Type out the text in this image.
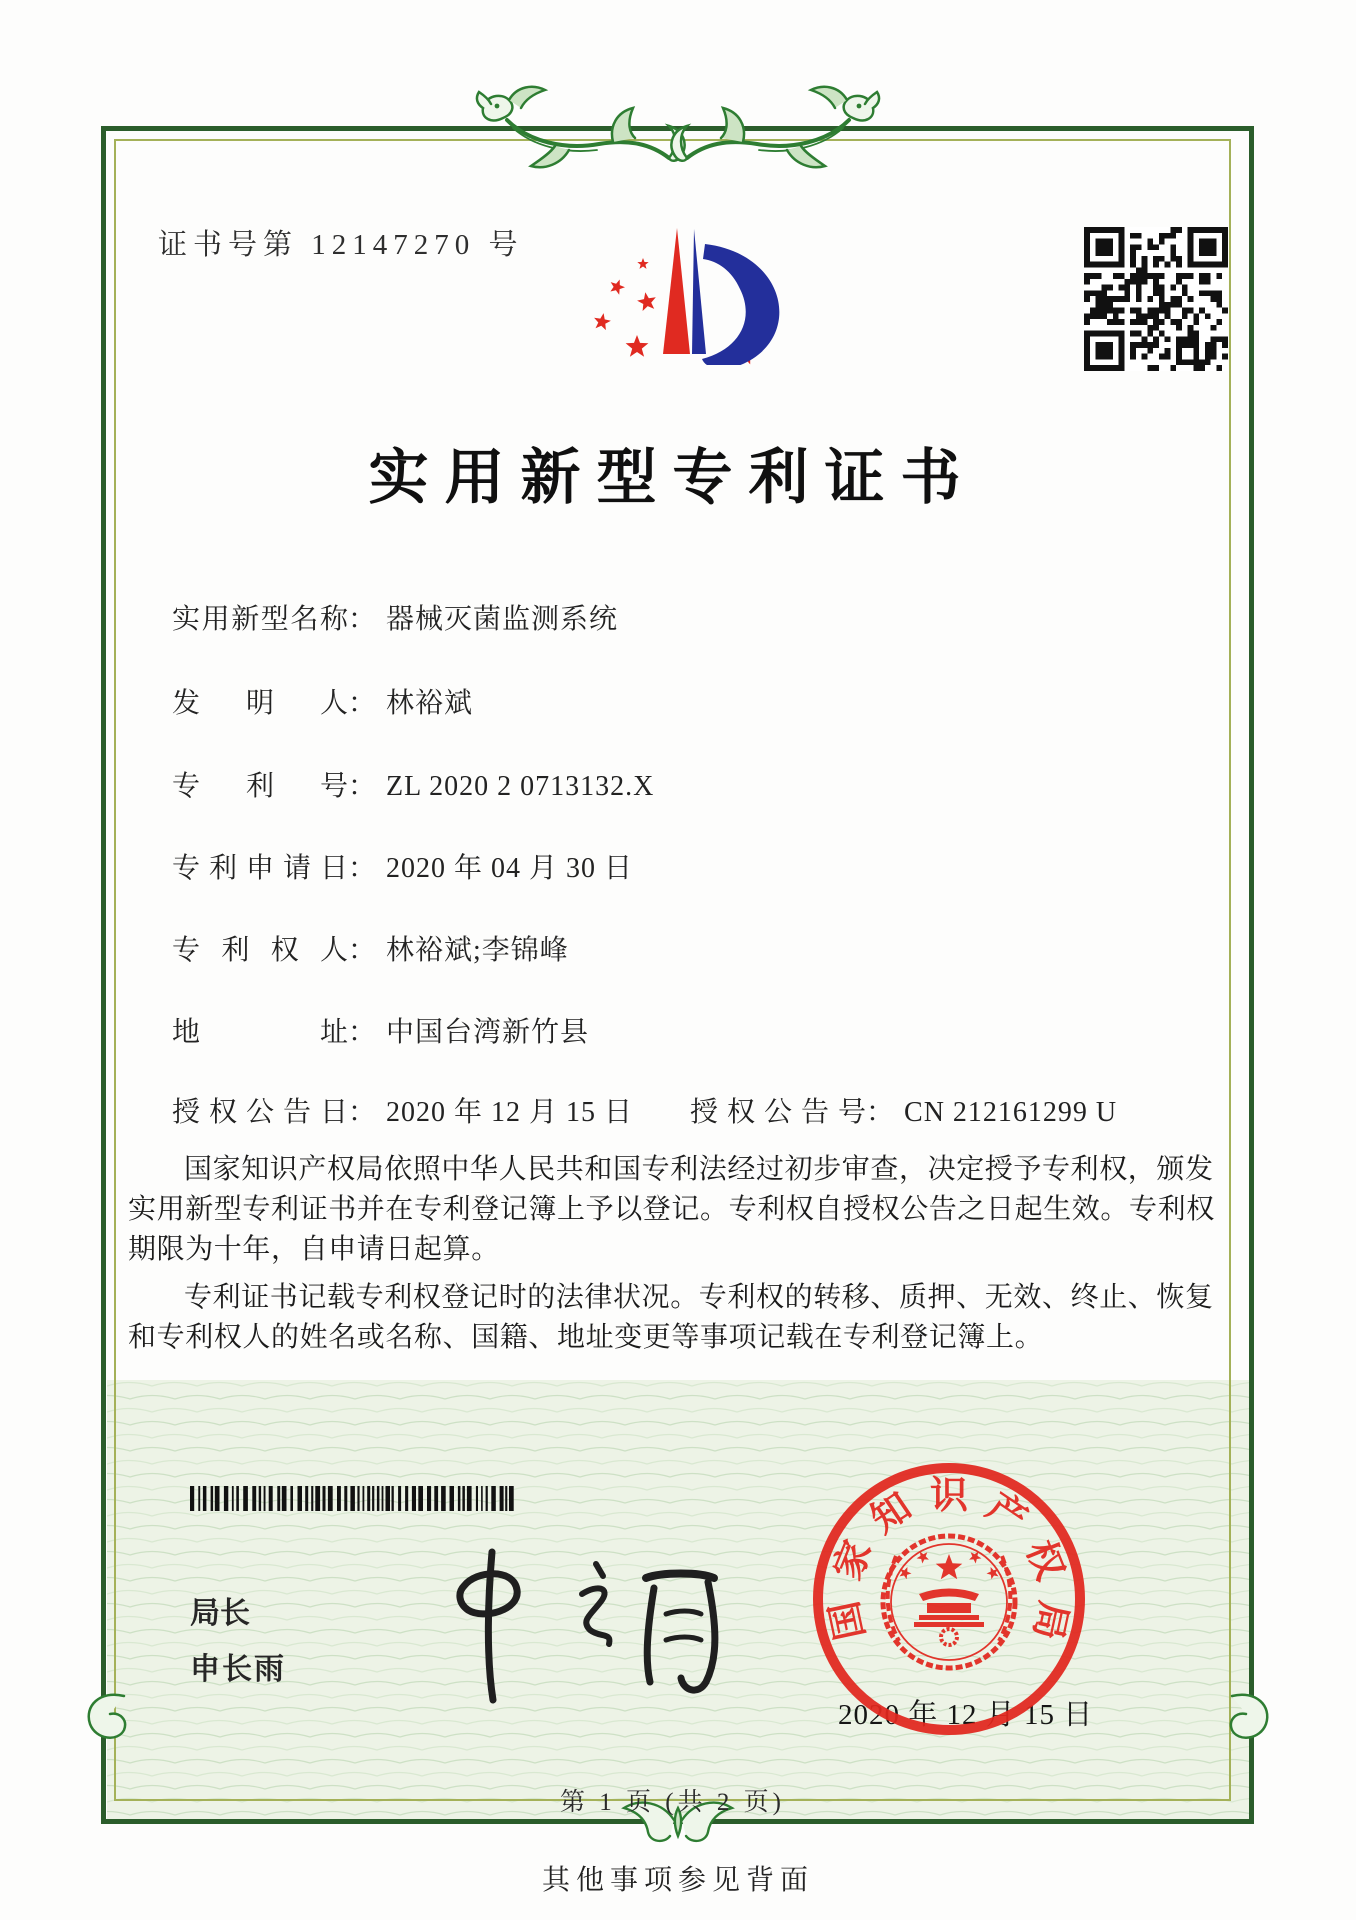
证书号第 12147270 号
实用新型专利证书
实用新型名称： 器械灭菌监测系统
发明人： 林裕斌
专利号： ZL 2020 2 0713132.X
专利申请日： 2020 年 04 月 30 日
专利权人： 林裕斌;李锦峰
地址： 中国台湾新竹县
授权公告日： 2020 年 12 月 15 日 授权公告号： CN 212161299 U

国家知识产权局依照中华人民共和国专利法经过初步审查，决定授予专利权，颁发实用新型专利证书并在专利登记簿上予以登记。专利权自授权公告之日起生效。专利权期限为十年，自申请日起算。

专利证书记载专利权登记时的法律状况。专利权的转移、质押、无效、终止、恢复和专利权人的姓名或名称、国籍、地址变更等事项记载在专利登记簿上。

局长
申长雨
2020 年 12 月 15 日
国
家
知 识 产
权
局
第 1 页 (共 2 页)
其他事项参见背面
